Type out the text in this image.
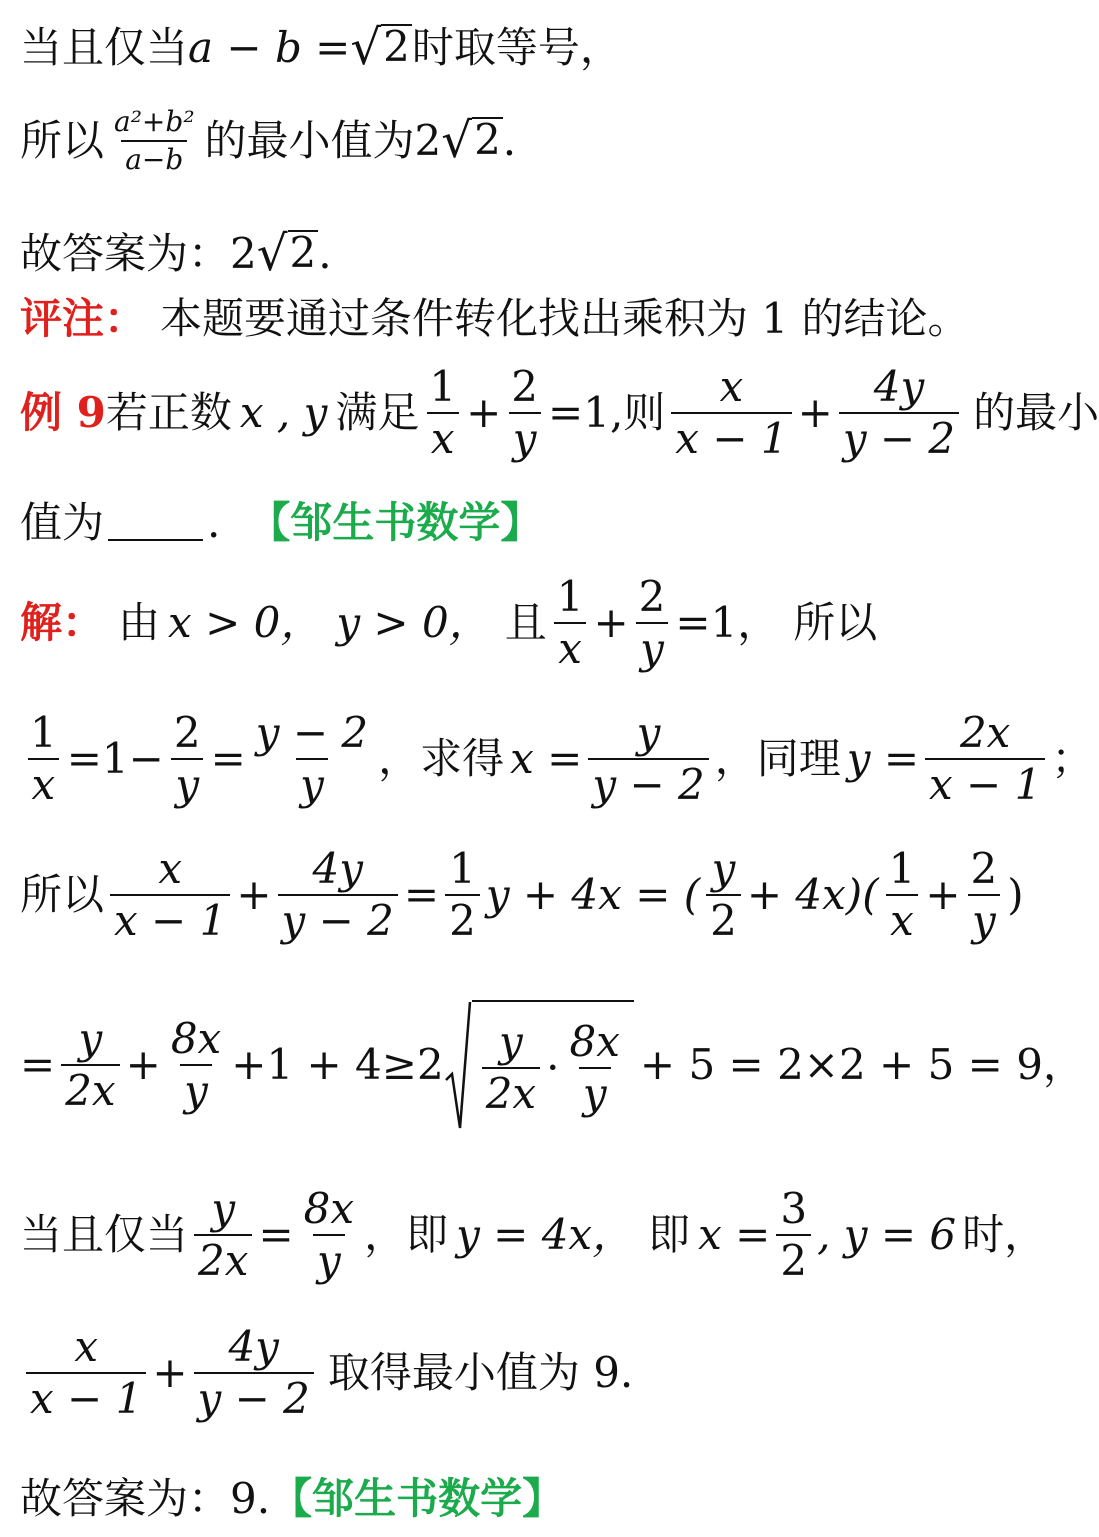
当且仅当 a − b = √ 2 时取等号，
所以 $\frac{\text{a²+b²}}{a-b}$ 的最小值为2 √ 2 .
故答案为：2 √ 2 .
评注： 本题要通过条件转化找出乘积为 1 的结论。
例 9 若正数 x , y 满足 $\frac{1}{x} + \frac{2}{y} =1$,则 $\frac{x}{x - 1} + \frac{4y}{y - 2}$ 的最小
值为 . 【邹生书数学】
解： 由 x > 0， y > 0， 且 $\frac{1}{x} + \frac{2}{y} =1$， 所以
$\frac{1}{x} =1- \frac{2}{y} = \frac{y - 2}{y}$ ，求得 $x = \frac{y}{y - 2}$ ，同理 $y = \frac{2x}{x - 1}$ ；
所以 $\frac{x}{x - 1} + \frac{4y}{y - 2} = \frac{1}{2}$ y + 4x = ( $\frac{y}{2} + 4x)( \frac{1}{x} + \frac{2}{y}$ )
= $\frac{y}{2x} + \frac{8x}{y} +1 + 4\ge 2 \frac{y}{2x} \cdot \frac{8x}{y} + 5 = 2\times 2 + 5 = 9$，
当且仅当 $\frac{y}{2x} = \frac{8x}{y}$ ，即 y = 4x， 即 $x = \frac{3}{2}$ , y = 6 时，
$\frac{x}{x - 1} + \frac{4y}{y - 2}$ 取得最小值为 9.
故答案为：9. 【邹生书数学】
